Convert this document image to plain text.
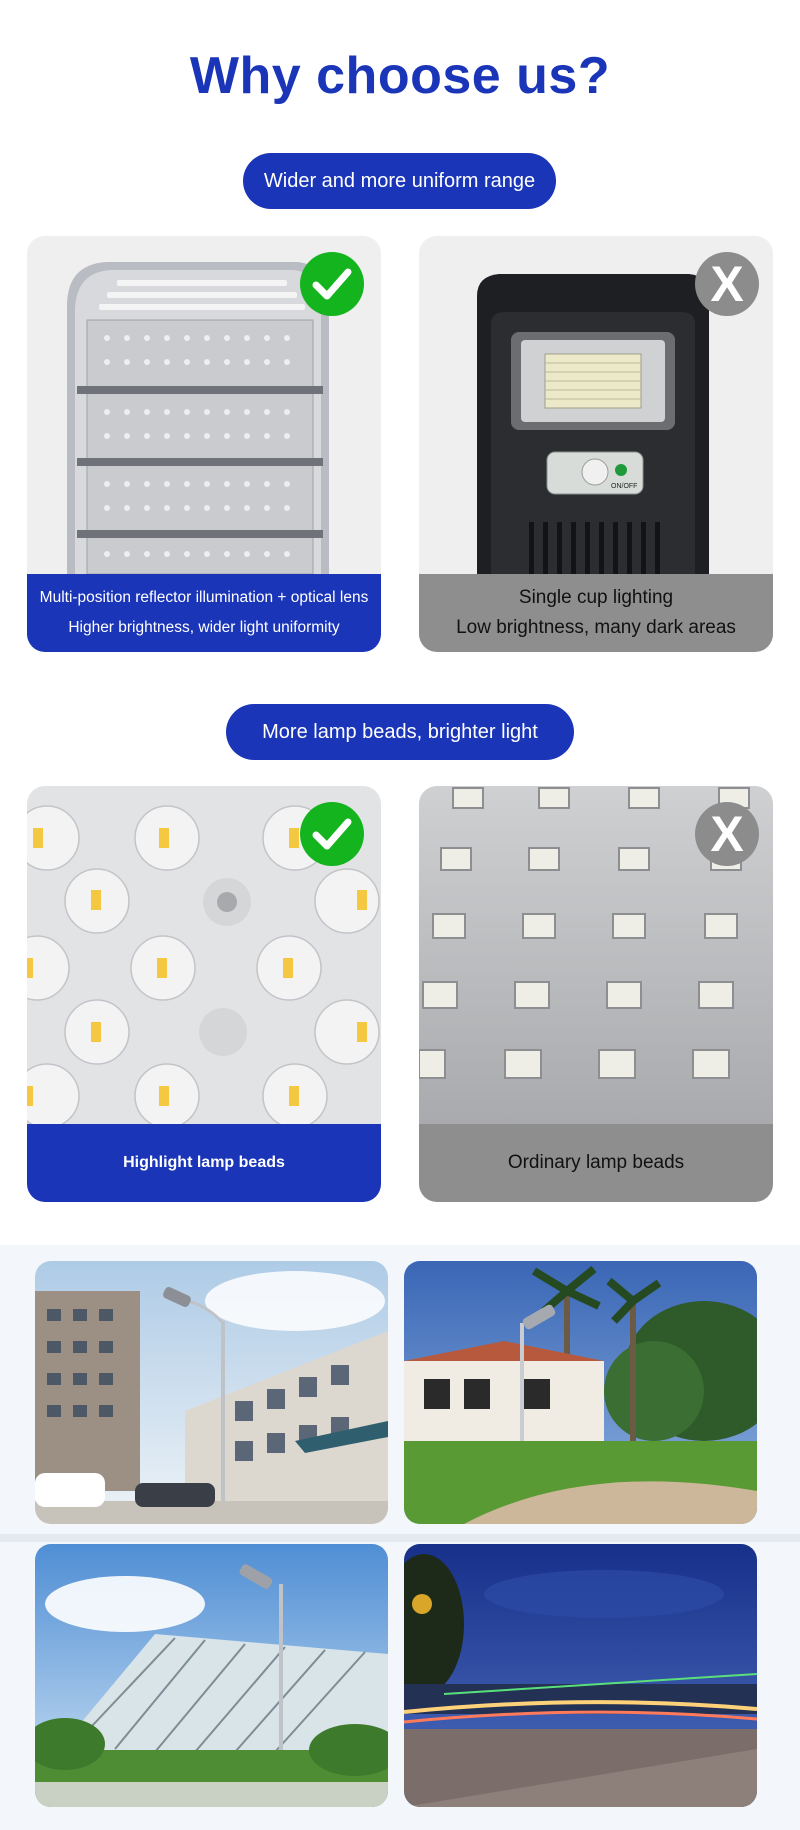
Why choose us?
Wider and more uniform range
Multi-position reflector illumination + optical lens
Higher brightness, wider light uniformity
ON/OFF
X
Single cup lighting
Low brightness, many dark areas
More lamp beads, brighter light
Highlight lamp beads
X
Ordinary lamp beads
